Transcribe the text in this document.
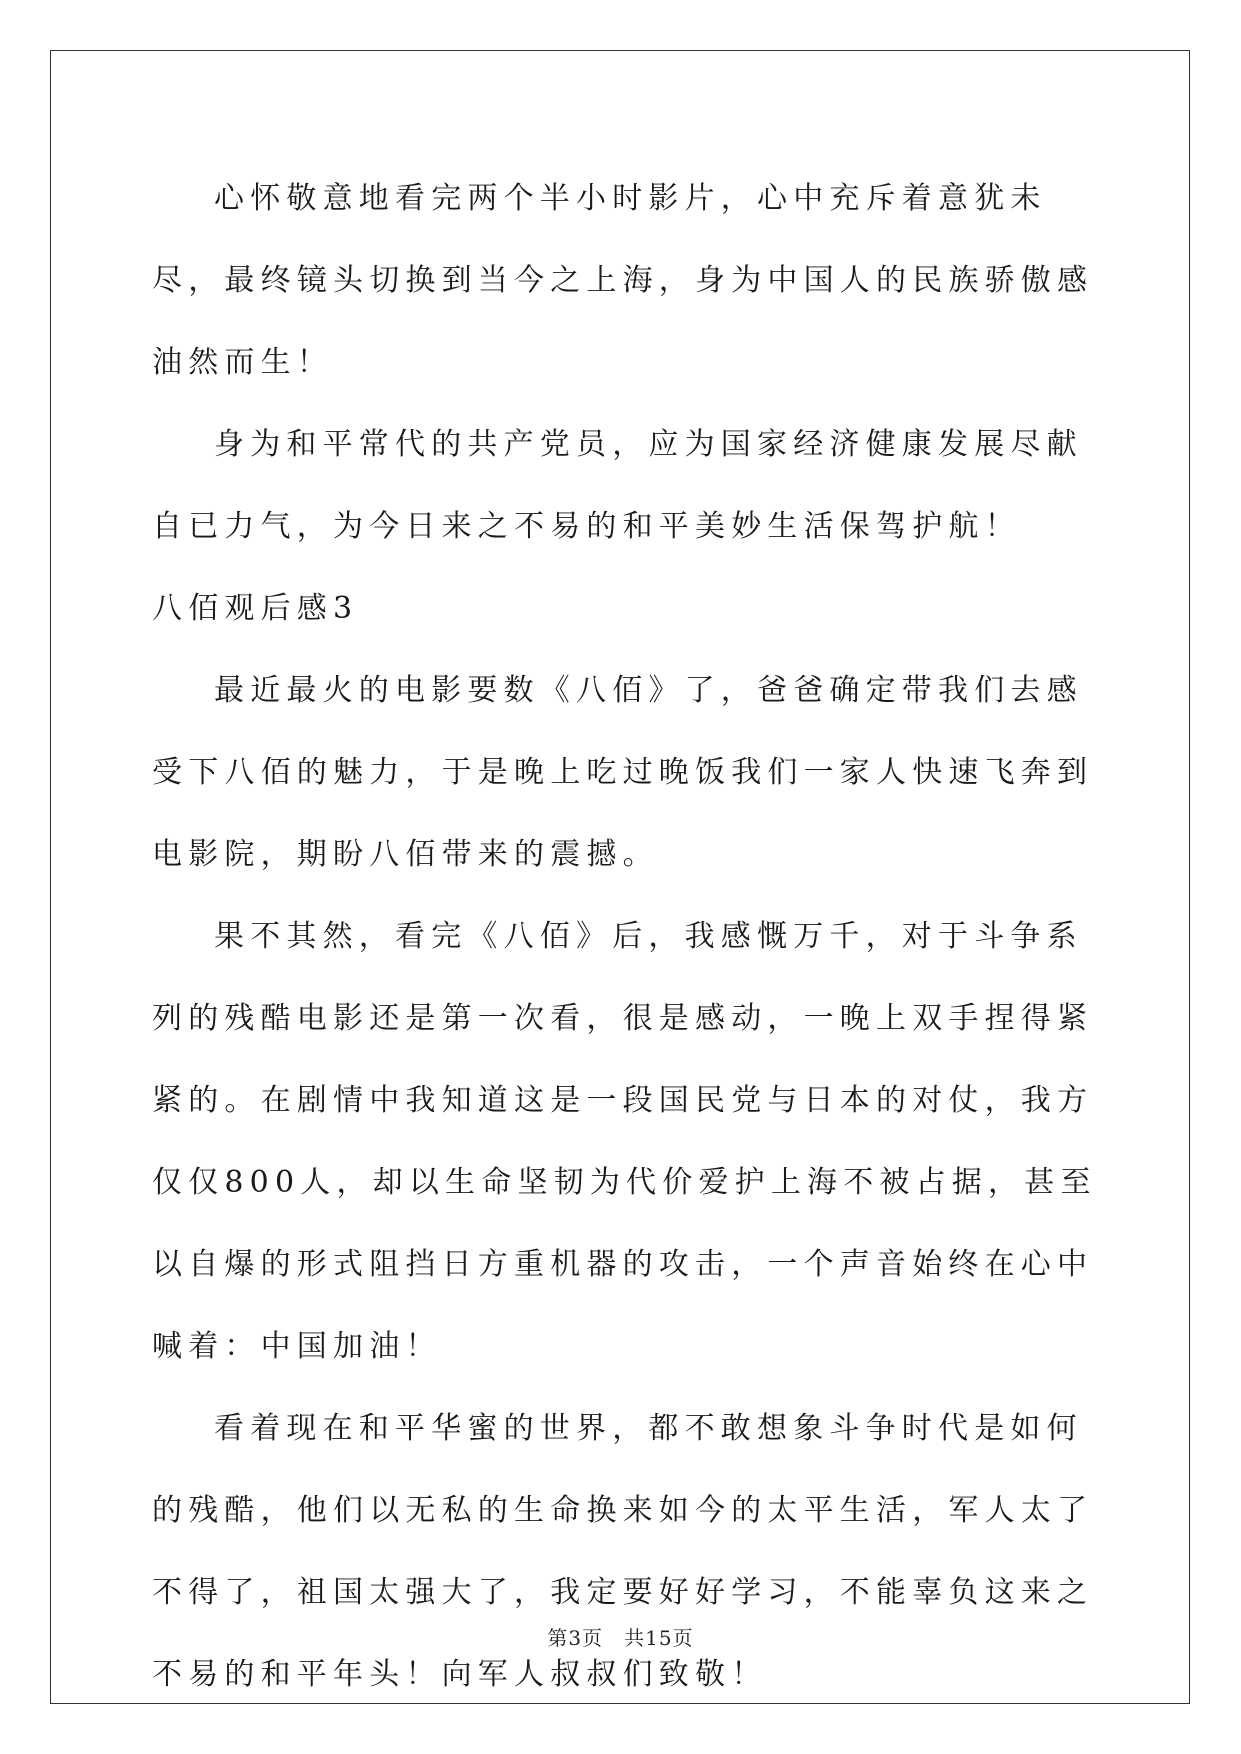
心怀敬意地看完两个半小时影片，心中充斥着意犹未尽，最终镜头切换到当今之上海，身为中国人的民族骄傲感油然而生！

身为和平常代的共产党员，应为国家经济健康发展尽献自已力气，为今日来之不易的和平美妙生活保驾护航！

八佰观后感3

最近最火的电影要数《八佰》了，爸爸确定带我们去感受下八佰的魅力，于是晚上吃过晚饭我们一家人快速飞奔到电影院，期盼八佰带来的震撼。

果不其然，看完《八佰》后，我感慨万千，对于斗争系列的残酷电影还是第一次看，很是感动，一晚上双手捏得紧紧的。在剧情中我知道这是一段国民党与日本的对仗，我方仅仅800人，却以生命坚韧为代价爱护上海不被占据，甚至以自爆的形式阻挡日方重机器的攻击，一个声音始终在心中喊着：中国加油！

看着现在和平华蜜的世界，都不敢想象斗争时代是如何的残酷，他们以无私的生命换来如今的太平生活，军人太了不得了，祖国太强大了，我定要好好学习，不能辜负这来之不易的和平年头！向军人叔叔们致敬！

第3页　共15页
